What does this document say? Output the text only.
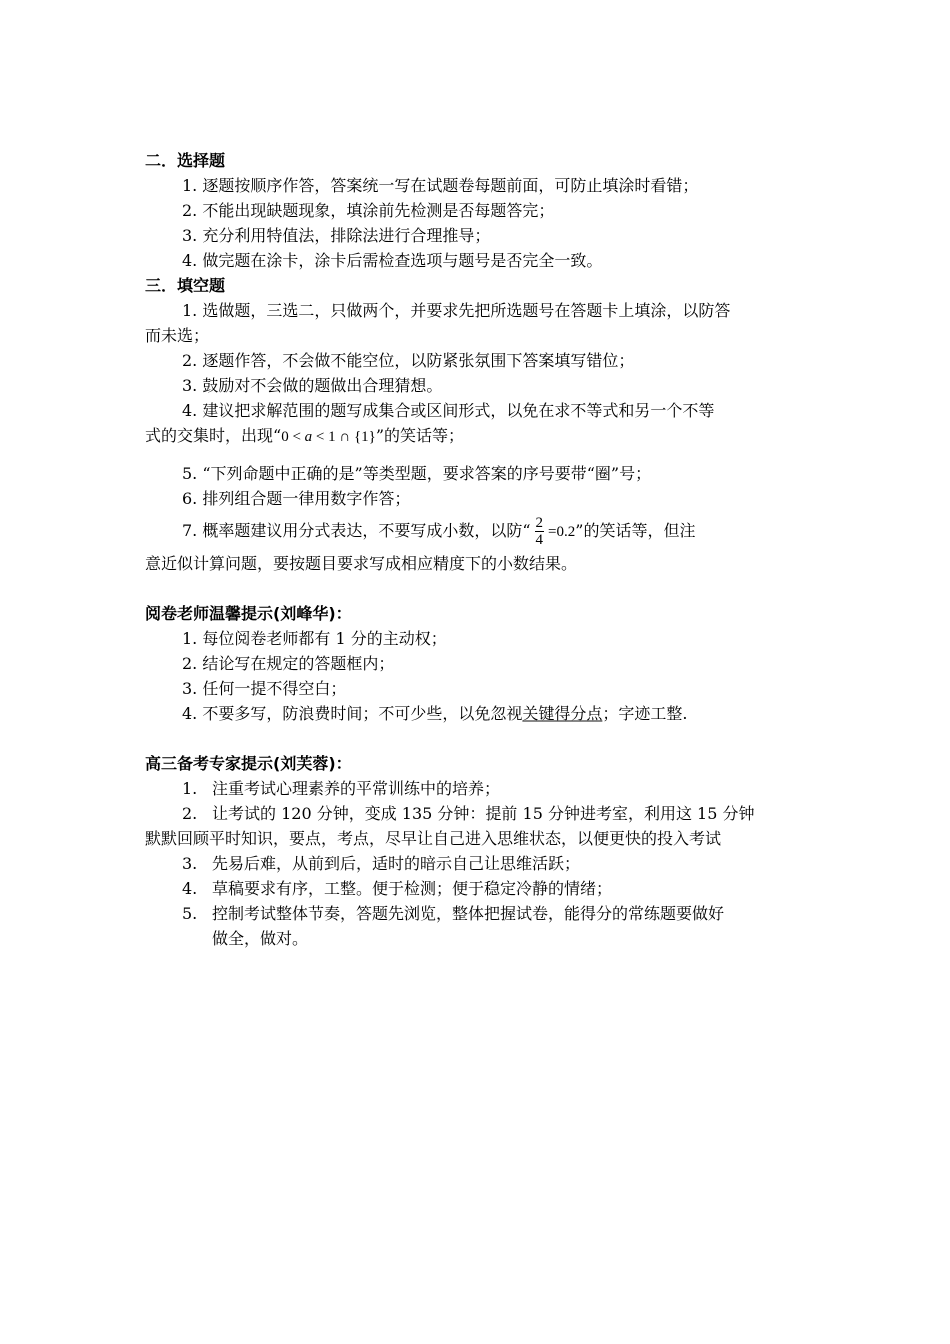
二．选择题
1. 逐题按顺序作答，答案统一写在试题卷每题前面，可防止填涂时看错；
2. 不能出现缺题现象，填涂前先检测是否每题答完；
3. 充分利用特值法，排除法进行合理推导；
4. 做完题在涂卡，涂卡后需检查选项与题号是否完全一致。
三．填空题
1. 选做题，三选二，只做两个，并要求先把所选题号在答题卡上填涂，以防答
而未选；
2. 逐题作答，不会做不能空位，以防紧张氛围下答案填写错位；
3. 鼓励对不会做的题做出合理猜想。
4. 建议把求解范围的题写成集合或区间形式，以免在求不等式和另一个不等
式的交集时，出现“0 < a < 1 ∩ {1}”的笑话等；
5. “下列命题中正确的是”等类型题，要求答案的序号要带“圈”号；
6. 排列组合题一律用数字作答；
7. 概率题建议用分式表达，不要写成小数，以防“ $\frac{2}{4} =0.2$”的笑话等，但注
意近似计算问题，要按题目要求写成相应精度下的小数结果。
阅卷老师温馨提示(刘峰华)：
1. 每位阅卷老师都有 1 分的主动权；
2. 结论写在规定的答题框内；
3. 任何一提不得空白；
4. 不要多写，防浪费时间；不可少些，以免忽视关键得分点；字迹工整.
高三备考专家提示(刘芙蓉)：
1. 注重考试心理素养的平常训练中的培养；
2. 让考试的 120 分钟，变成 135 分钟：提前 15 分钟进考室，利用这 15 分钟
默默回顾平时知识，要点，考点，尽早让自己进入思维状态，以便更快的投入考试
3. 先易后难，从前到后，适时的暗示自己让思维活跃；
4. 草稿要求有序，工整。便于检测；便于稳定冷静的情绪；
5. 控制考试整体节奏，答题先浏览，整体把握试卷，能得分的常练题要做好
做全，做对。
